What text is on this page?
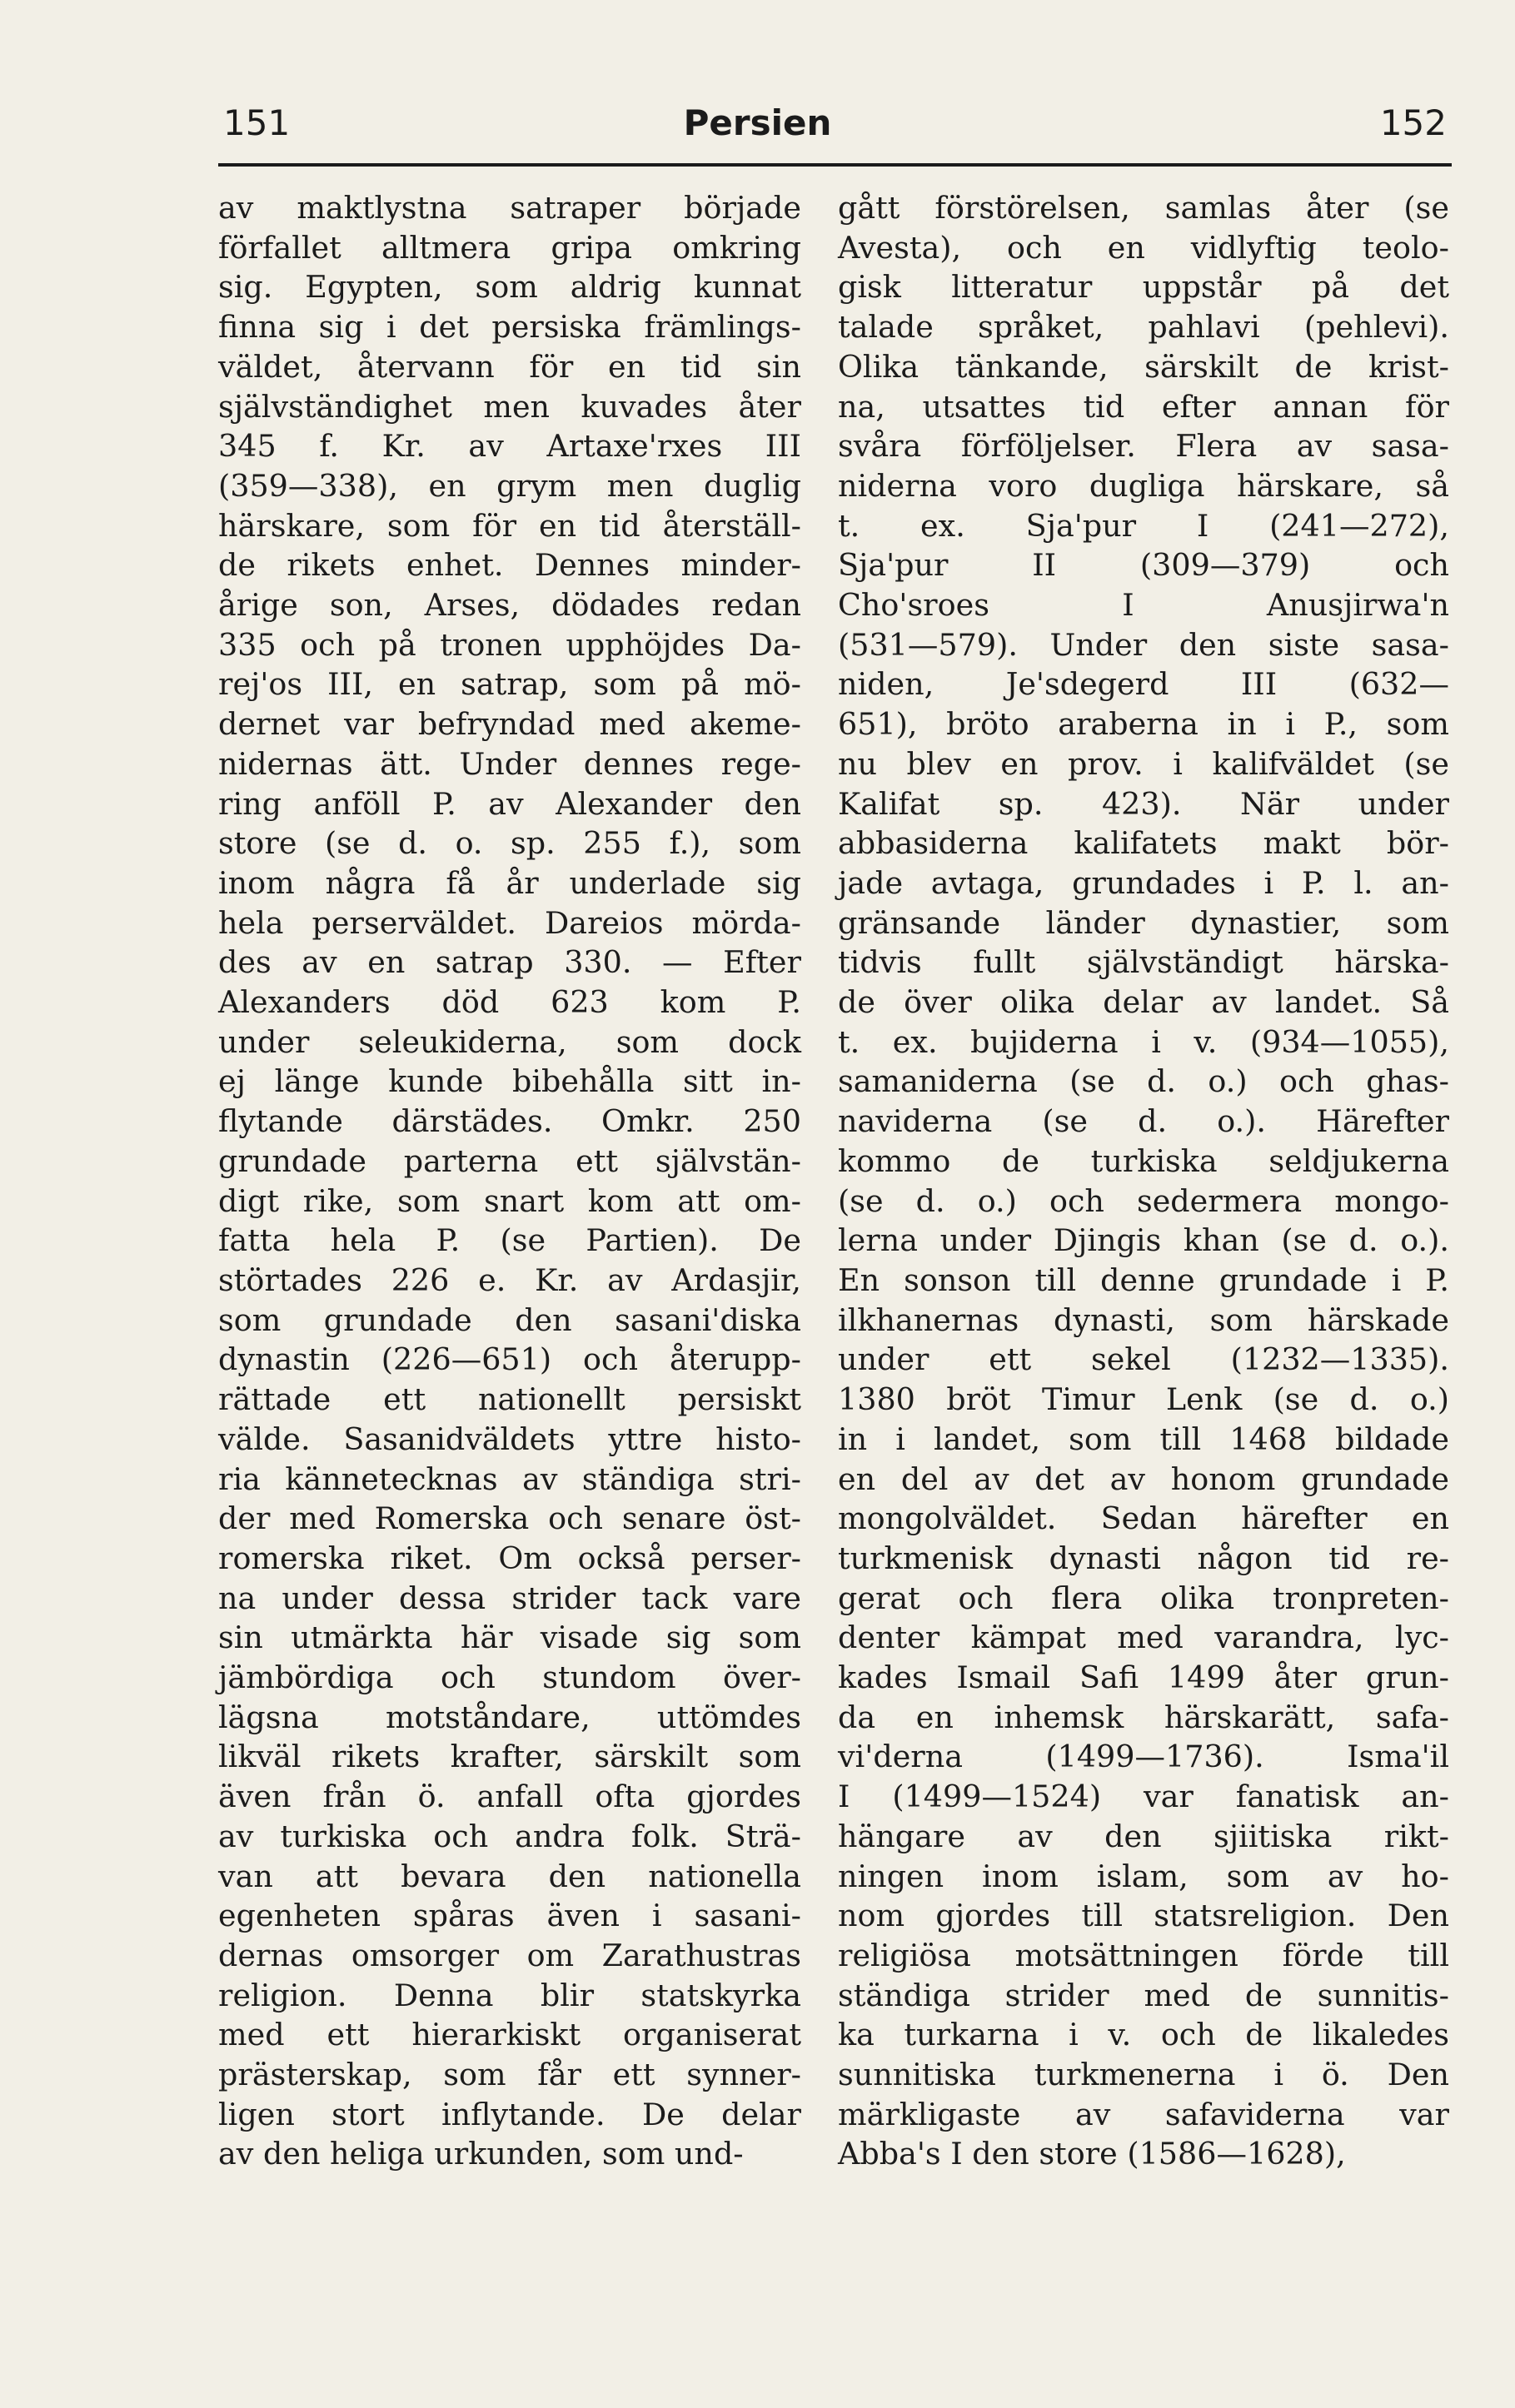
151	Persien	152
av maktlystna satraper började
förfallet alltmera gripa omkring
sig. Egypten, som aldrig kunnat
finna sig i det persiska främlings-
väldet, återvann för en tid sin
självständighet men kuvades åter
345 f. Kr. av Artaxe'rxes III
(359—338), en grym men duglig
härskare, som för en tid återställ-
de rikets enhet. Dennes minder-
årige son, Arses, dödades redan
335 och på tronen upphöjdes Da-
rej'os III, en satrap, som på mö-
dernet var befryndad med akeme-
nidernas ätt. Under dennes rege-
ring anföll P. av Alexander den
store (se d. o. sp. 255 f.), som
inom några få år underlade sig
hela perserväldet. Dareios mörda-
des av en satrap 330. — Efter
Alexanders död 623 kom P.
under seleukiderna, som dock
ej länge kunde bibehålla sitt in-
flytande därstädes. Omkr. 250
grundade parterna ett självstän-
digt rike, som snart kom att om-
fatta hela P. (se Partien). De
störtades 226 e. Kr. av Ardasjir,
som grundade den sasani'diska
dynastin (226—651) och återupp-
rättade ett nationellt persiskt
välde. Sasanidväldets yttre histo-
ria kännetecknas av ständiga stri-
der med Romerska och senare öst-
romerska riket. Om också perser-
na under dessa strider tack vare
sin utmärkta här visade sig som
jämbördiga och stundom över-
lägsna motståndare, uttömdes
likväl rikets krafter, särskilt som
även från ö. anfall ofta gjordes
av turkiska och andra folk. Strä-
van att bevara den nationella
egenheten spåras även i sasani-
dernas omsorger om Zarathustras
religion. Denna blir statskyrka
med ett hierarkiskt organiserat
prästerskap, som får ett synner-
ligen stort inflytande. De delar
av den heliga urkunden, som und-
gått förstörelsen, samlas åter (se
Avesta), och en vidlyftig teolo-
gisk litteratur uppstår på det
talade språket, pahlavi (pehlevi).
Olika tänkande, särskilt de krist-
na, utsattes tid efter annan för
svåra förföljelser. Flera av sasa-
niderna voro dugliga härskare, så
t. ex. Sja'pur I (241—272),
Sja'pur II (309—379) och
Cho'sroes I Anusjirwa'n
(531—579). Under den siste sasa-
niden, Je'sdegerd III (632—
651), bröto araberna in i P., som
nu blev en prov. i kalifväldet (se
Kalifat sp. 423). När under
abbasiderna kalifatets makt bör-
jade avtaga, grundades i P. l. an-
gränsande länder dynastier, som
tidvis fullt självständigt härska-
de över olika delar av landet. Så
t. ex. bujiderna i v. (934—1055),
samaniderna (se d. o.) och ghas-
naviderna (se d. o.). Härefter
kommo de turkiska seldjukerna
(se d. o.) och sedermera mongo-
lerna under Djingis khan (se d. o.).
En sonson till denne grundade i P.
ilkhanernas dynasti, som härskade
under ett sekel (1232—1335).
1380 bröt Timur Lenk (se d. o.)
in i landet, som till 1468 bildade
en del av det av honom grundade
mongolväldet. Sedan härefter en
turkmenisk dynasti någon tid re-
gerat och flera olika tronpreten-
denter kämpat med varandra, lyc-
kades Ismail Safi 1499 åter grun-
da en inhemsk härskarätt, safa-
vi'derna (1499—1736). Isma'il
I (1499—1524) var fanatisk an-
hängare av den sjiitiska rikt-
ningen inom islam, som av ho-
nom gjordes till statsreligion. Den
religiösa motsättningen förde till
ständiga strider med de sunnitis-
ka turkarna i v. och de likaledes
sunnitiska turkmenerna i ö. Den
märkligaste av safaviderna var
Abba's I den store (1586—1628),
